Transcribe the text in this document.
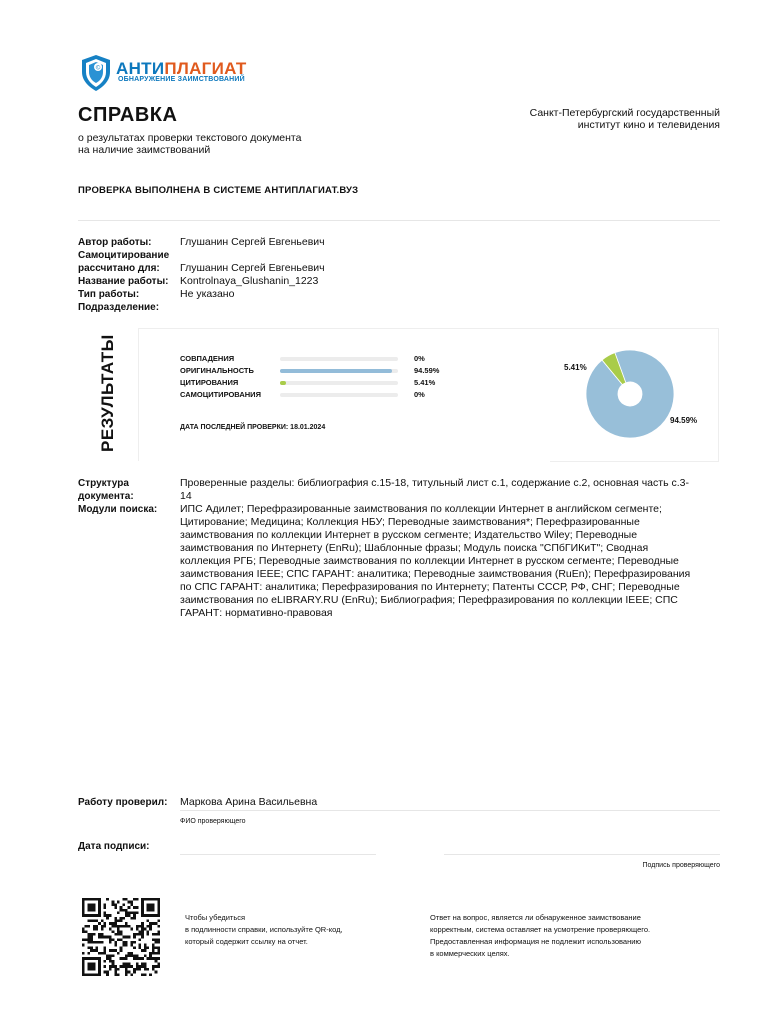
© АНТИПЛАГИАТ
ОБНАРУЖЕНИЕ ЗАИМСТВОВАНИЙ
СПРАВКА
о результатах проверки текстового документа
на наличие заимствований
Санкт-Петербургский государственный
институт кино и телевидения
ПРОВЕРКА ВЫПОЛНЕНА В СИСТЕМЕ АНТИПЛАГИАТ.ВУЗ
Автор работы:	Глушанин Сергей Евгеньевич
Самоцитирование
рассчитано для: Глушанин Сергей Евгеньевич
Название работы: Kontrolnaya_Glushanin_1223
Тип работы:	Не указано
Подразделение:
РЕЗУЛЬТАТЫ	СОВПАДЕНИЯ	0%
ОРИГИНАЛЬНОСТЬ	94.59%
ЦИТИРОВАНИЯ	5.41%
САМОЦИТИРОВАНИЯ	0%
ДАТА ПОСЛЕДНЕЙ ПРОВЕРКИ: 18.01.2024
5.41%
94.59%
Структура
документа:
Проверенные разделы: библиография с.15-18, титульный лист с.1, содержание с.2, основная часть с.3-14
Модули поиска: ИПС Адилет; Перефразированные заимствования по коллекции Интернет в английском сегменте; Цитирование; Медицина; Коллекция НБУ; Переводные заимствования*; Перефразированные заимствования по коллекции Интернет в русском сегменте; Издательство Wiley; Переводные заимствования по Интернету (EnRu); Шаблонные фразы; Модуль поиска "СПбГИКиТ"; Сводная коллекция РГБ; Переводные заимствования по коллекции Интернет в русском сегменте; Переводные заимствования IEEE; СПС ГАРАНТ: аналитика; Переводные заимствования (RuEn); Перефразирования по СПС ГАРАНТ: аналитика; Перефразирования по Интернету; Патенты СССР, РФ, СНГ; Переводные заимствования по eLIBRARY.RU (EnRu); Библиография; Перефразирования по коллекции IEEE; СПС ГАРАНТ: нормативно-правовая
Работу проверил: Маркова Арина Васильевна
ФИО проверяющего
Дата подписи:
Подпись проверяющего
Чтобы убедиться
в подлинности справки, используйте QR-код,
который содержит ссылку на отчет.
Ответ на вопрос, является ли обнаруженное заимствование
корректным, система оставляет на усмотрение проверяющего.
Предоставленная информация не подлежит использованию
в коммерческих целях.
